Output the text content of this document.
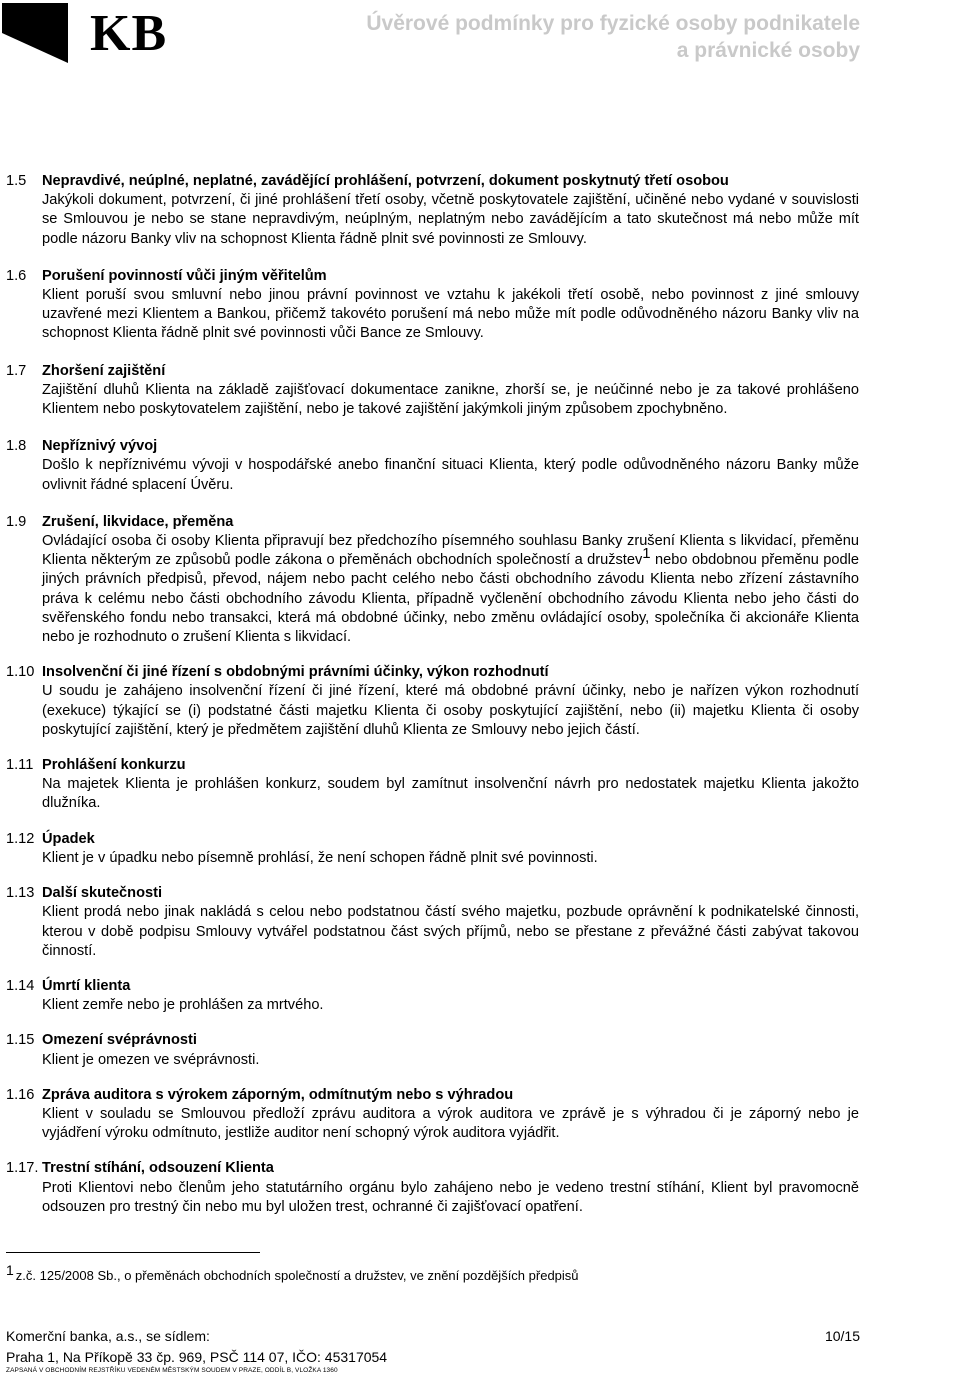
KB	Úvěrové podmínky pro fyzické osoby podnikatele
a právnické osoby
1.5	Nepravdivé, neúplné, neplatné, zavádějící prohlášení, potvrzení, dokument poskytnutý třetí osobou
Jakýkoli dokument, potvrzení, či jiné prohlášení třetí osoby, včetně poskytovatele zajištění, učiněné nebo vydané v souvislosti se Smlouvou je nebo se stane nepravdivým, neúplným, neplatným nebo zavádějícím a tato skutečnost má nebo může mít podle názoru Banky vliv na schopnost Klienta řádně plnit své povinnosti ze Smlouvy.
1.6	Porušení povinností vůči jiným věřitelům
Klient poruší svou smluvní nebo jinou právní povinnost ve vztahu k jakékoli třetí osobě, nebo povinnost z jiné smlouvy uzavřené mezi Klientem a Bankou, přičemž takovéto porušení má nebo může mít podle odůvodněného názoru Banky vliv na schopnost Klienta řádně plnit své povinnosti vůči Bance ze Smlouvy.
1.7	Zhoršení zajištění
Zajištění dluhů Klienta na základě zajišťovací dokumentace zanikne, zhorší se, je neúčinné nebo je za takové prohlášeno Klientem nebo poskytovatelem zajištění, nebo je takové zajištění jakýmkoli jiným způsobem zpochybněno.
1.8	Nepříznivý vývoj
Došlo k nepříznivému vývoji v hospodářské anebo finanční situaci Klienta, který podle odůvodněného názoru Banky může ovlivnit řádné splacení Úvěru.
1.9	Zrušení, likvidace, přeměna
Ovládající osoba či osoby Klienta připravují bez předchozího písemného souhlasu Banky zrušení Klienta s likvidací, přeměnu Klienta některým ze způsobů podle zákona o přeměnách obchodních společností a družstev$^1$ nebo obdobnou přeměnu podle jiných právních předpisů, převod, nájem nebo pacht celého nebo části obchodního závodu Klienta nebo zřízení zástavního práva k celému nebo části obchodního závodu Klienta, případně vyčlenění obchodního závodu Klienta nebo jeho části do svěřenského fondu nebo transakci, která má obdobné účinky, nebo změnu ovládající osoby, společníka či akcionáře Klienta nebo je rozhodnuto o zrušení Klienta s likvidací.
1.10 Insolvenční či jiné řízení s obdobnými právními účinky, výkon rozhodnutí
U soudu je zahájeno insolvenční řízení či jiné řízení, které má obdobné právní účinky, nebo je nařízen výkon rozhodnutí (exekuce) týkající se (i) podstatné části majetku Klienta či osoby poskytující zajištění, nebo (ii) majetku Klienta či osoby poskytující zajištění, který je předmětem zajištění dluhů Klienta ze Smlouvy nebo jejich částí.
1.11 Prohlášení konkurzu
Na majetek Klienta je prohlášen konkurz, soudem byl zamítnut insolvenční návrh pro nedostatek majetku Klienta jakožto dlužníka.
1.12 Úpadek
Klient je v úpadku nebo písemně prohlásí, že není schopen řádně plnit své povinnosti.
1.13 Další skutečnosti
Klient prodá nebo jinak nakládá s celou nebo podstatnou částí svého majetku, pozbude oprávnění k podnikatelské činnosti, kterou v době podpisu Smlouvy vytvářel podstatnou část svých příjmů, nebo se přestane z převážné části zabývat takovou činností.
1.14 Úmrtí klienta
Klient zemře nebo je prohlášen za mrtvého.
1.15 Omezení svéprávnosti
Klient je omezen ve svéprávnosti.
1.16 Zpráva auditora s výrokem záporným, odmítnutým nebo s výhradou
Klient v souladu se Smlouvou předloží zprávu auditora a výrok auditora ve zprávě je s výhradou či je záporný nebo je vyjádření výroku odmítnuto, jestliže auditor není schopný výrok auditora vyjádřit.
1.17. Trestní stíhání, odsouzení Klienta
Proti Klientovi nebo členům jeho statutárního orgánu bylo zahájeno nebo je vedeno trestní stíhání, Klient byl pravomocně odsouzen pro trestný čin nebo mu byl uložen trest, ochranné či zajišťovací opatření.
1 z.č. 125/2008 Sb., o přeměnách obchodních společností a družstev, ve znění pozdějších předpisů
Komerční banka, a.s., se sídlem:	10/15
Praha 1, Na Příkopě 33 čp. 969, PSČ 114 07, IČO: 45317054
ZAPSANÁ V OBCHODNÍM REJSTŘÍKU VEDENÉM MĚSTSKÝM SOUDEM V PRAZE, ODDÍL B, VLOŽKA 1360
